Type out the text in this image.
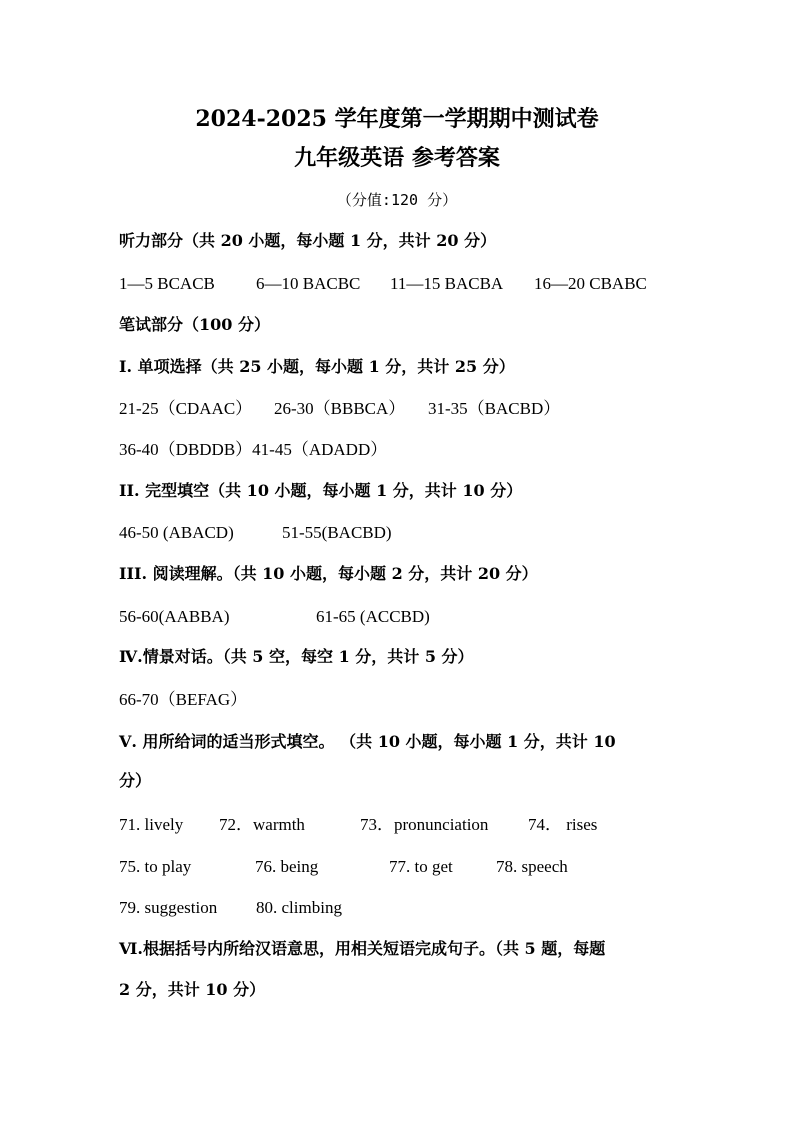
2024-2025 学年度第一学期期中测试卷
九年级英语 参考答案
（分值:120 分）
听力部分（共 20 小题，每小题 1 分，共计 20 分）
1—5 BCACB 6—10 BACBC 11—15 BACBA 16—20 CBABC
笔试部分（100 分）
I. 单项选择（共 25 小题，每小题 1 分，共计 25 分）
21-25（CDAAC） 26-30（BBBCA） 31-35（BACBD）
36-40（DBDDB）41-45（ADADD）
II. 完型填空（共 10 小题，每小题 1 分，共计 10 分）
46-50 (ABACD)	51-55(BACBD)
III. 阅读理解。（共 10 小题，每小题 2 分，共计 20 分）
56-60(AABBA)	61-65 (ACCBD)
Ⅳ.情景对话。（共 5 空，每空 1 分，共计 5 分）
66-70（BEFAG）
Ⅴ. 用所给词的适当形式填空。 （共 10 小题，每小题 1 分，共计 10
分）
71. lively 72．warmth	73．pronunciation 74． rises
75. to play	76. being	77. to get	78. speech
79. suggestion 80. climbing
Ⅵ.根据括号内所给汉语意思，用相关短语完成句子。（共 5 题，每题
2 分，共计 10 分）
